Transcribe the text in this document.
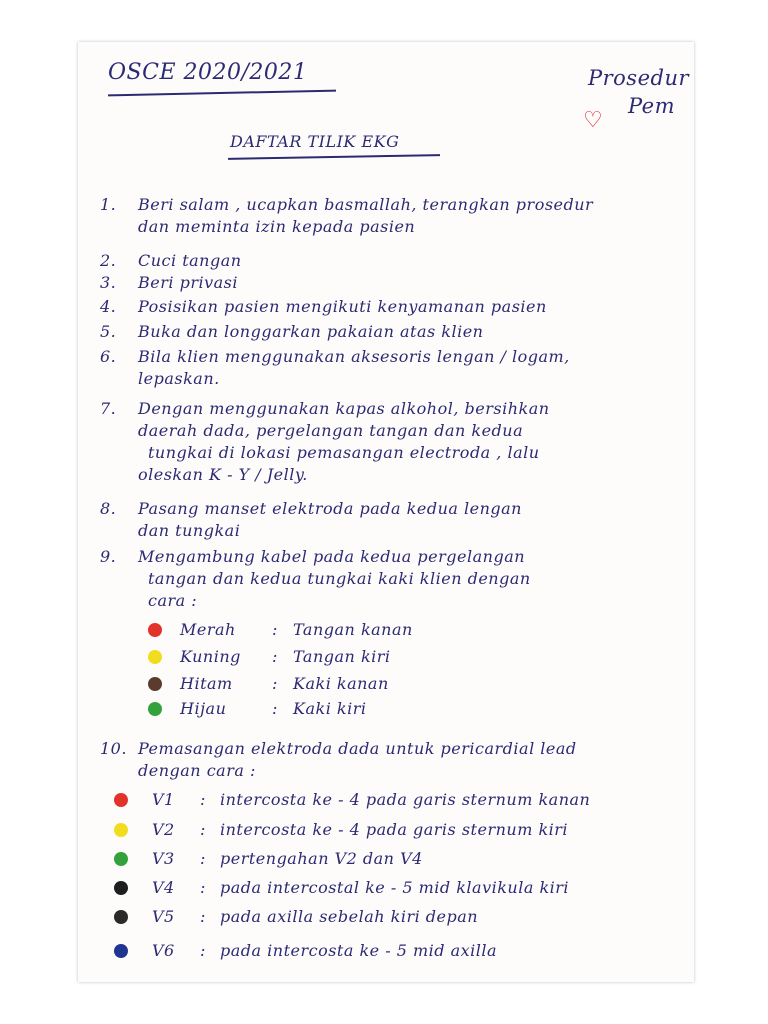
OSCE 2020/2021	Prosedur
Pem
♡
DAFTAR TILIK EKG
1. Beri salam , ucapkan basmallah, terangkan prosedur
dan meminta izin kepada pasien
2. Cuci tangan
3. Beri privasi
4. Posisikan pasien mengikuti kenyamanan pasien
5. Buka dan longgarkan pakaian atas klien
6. Bila klien menggunakan aksesoris lengan / logam,
lepaskan.
7. Dengan menggunakan kapas alkohol, bersihkan
daerah dada, pergelangan tangan dan kedua
tungkai di lokasi pemasangan electroda , lalu
oleskan K - Y / Jelly.
8. Pasang manset elektroda pada kedua lengan
dan tungkai
9. Mengambung kabel pada kedua pergelangan
tangan dan kedua tungkai kaki klien dengan
cara :
Merah : Tangan kanan
Kuning : Tangan kiri
Hitam : Kaki kanan
Hijau	: Kaki kiri
10. Pemasangan elektroda dada untuk pericardial lead
dengan cara :
V1 : intercosta ke - 4 pada garis sternum kanan
V2 : intercosta ke - 4 pada garis sternum kiri
V3 : pertengahan V2 dan V4
V4 : pada intercostal ke - 5 mid klavikula kiri
V5 : pada axilla sebelah kiri depan
V6 : pada intercosta ke - 5 mid axilla
